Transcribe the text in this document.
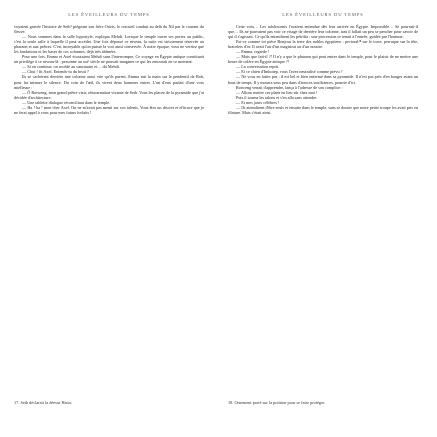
LES ÉVEILLEURS DU TEMPS

voyaient gravée l'histoire de Seth¹ piégeant son frère Osiris, le cercueil conduit au delà du Nil par le courant du fleuve.

— Nous sommes dans la salle hypostyle, expliqua Mehdi. Lorsque le temple ouvre ses portes au public, c'est la seule salle à laquelle il peut accéder. Une fois dépassé ce niveau, la suite est strictement réservée au pharaon et aux prêtres. C'est incroyable qu'on puisse la voir ainsi conservée. À notre époque, vous ne verriez que les fondations et les bases de ces colonnes, déjà très abîmées.

Pour une fois, Emma et Axel écoutaient Mehdi sans l'interrompre. Ce voyage en Égypte antique constituait un privilège à ce niveau-là : personne au xxiᵉ siècle ne pouvait imaginer ce qui les entourait en ce moment.

— Si on continue, on accède au sanctuaire et… dit Mehdi.

— Chut ! fit Axel. Entends-tu du bruit ?

Ils se cachèrent derrière une colonne aussi vite qu'ils purent. Emma mit la main sur le pendentif de Bob, pour lui intimer le silence. Du coin de l'œil, ils virent deux hommes entrer. L'un d'eux parlait d'une voix mielleuse :

— Ô Rotweng, mon grand prêtre vizir, réincarnation vivante de Seth. Vous les placez de la pyramide que j'ai décidée d'architecture.

— Une tablette dialogue réconciliant dans le temple.

— Ha ! ha ! mon cher Axel. On ne m'avait pas menti sur vos talents. Vous êtes un discret et efficace que je ne ferai appel à vous pour mes futurs forfaits !

17. Seth déclarait la déesse Hator.
LES ÉVEILLEURS DU TEMPS

Cette voix… Les adolescents l'avaient entendue dès leur arrivée en Égypte. Impossible… Se pourrait-il que… Ils ne pouvaient pas voir ce visage de derrière leur colonne, tant il fallait un peu se pencher pour savoir de qui il s'agissait. Ce qu'ils entendirent les pétrifia : une procession se tenait à l'entrée, guidée par l'homme.

Est-ce comme toi pièce Bonjour la terre des nobles égyptiens : pectoral¹⁸ sur le torse, perruque sur la tête, bracelets d'or. Il avait l'air d'un magistrat ou d'un notaire.

— Emma, regarde !

— Mais que fait-il ?! Il n'y a que le pharaon qui peut entrer dans le temple, pour le plaisir de ne mettre une heure de colère en Égypte antique ?!

— La conversation reprit.

— Et ce chien d'Imhotep, vous l'avez neutralisé comme prévu ?

— Ne vous en faites pas : il est bel et bien enfermé dans sa pyramide. Il n'est pas près d'en bouger avant un bout de temps. Il y mourra sous peu dans d'atroces souffrances, pourrie d'ici.

Rotweng venait d'apprendre, lança à l'adresse de son complice :

— Allons mettre ces plans en lieu sûr chez moi !

Puis il tourna les talons et s'en alla sans attendre.

— Et mes jours célèbres !

— Ils attendirent d'être seuls et ensuite dans le temple, sans se douter que notre petite troupe les avait pris en filature. Mais c'était ainsi.

18. Ornement porté sur la poitrine pour se faire protéger.
